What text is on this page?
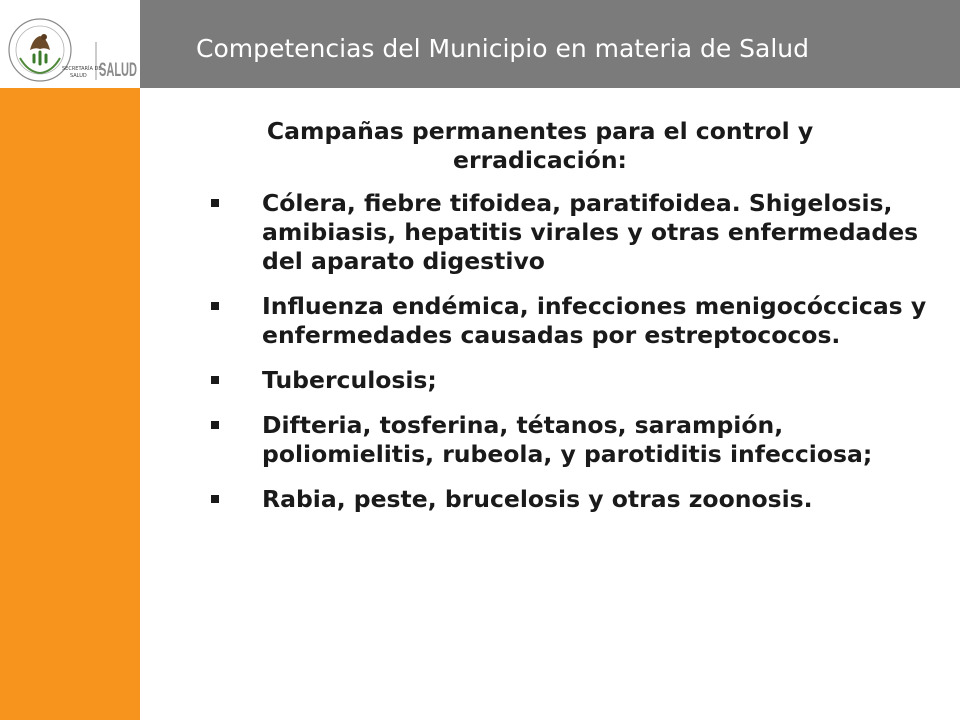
SECRETARÍA DE
SALUD SALUD
Competencias del Municipio en materia de Salud
Campañas permanentes para el control y erradicación:
Cólera, fiebre tifoidea, paratifoidea. Shigelosis, amibiasis, hepatitis virales y otras enfermedades del aparato digestivo
Influenza endémica, infecciones menigocóccicas y enfermedades causadas por estreptococos.
Tuberculosis;
Difteria, tosferina, tétanos, sarampión, poliomielitis, rubeola, y parotiditis infecciosa;
Rabia, peste, brucelosis y otras zoonosis.
